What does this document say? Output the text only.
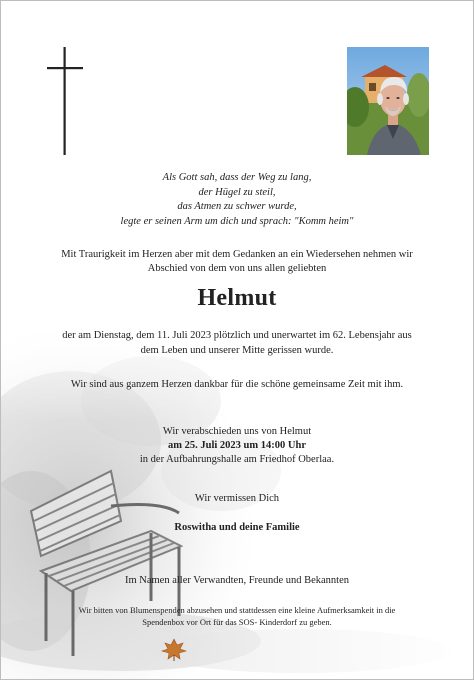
Als Gott sah, dass der Weg zu lang,
der Hügel zu steil,
das Atmen zu schwer wurde,
legte er seinen Arm um dich und sprach: "Komm heim"
Mit Traurigkeit im Herzen aber mit dem Gedanken an ein Wiedersehen nehmen wir
Abschied von dem von uns allen geliebten
Helmut
der am Dienstag, dem 11. Juli 2023 plötzlich und unerwartet im 62. Lebensjahr aus
dem Leben und unserer Mitte gerissen wurde.
Wir sind aus ganzem Herzen dankbar für die schöne gemeinsame Zeit mit ihm.
Wir verabschieden uns von Helmut
am 25. Juli 2023 um 14:00 Uhr
in der Aufbahrungshalle am Friedhof Oberlaa.
Wir vermissen Dich
Roswitha und deine Familie
Im Namen aller Verwandten, Freunde und Bekannten
Wir bitten von Blumenspenden abzusehen und stattdessen eine kleine Aufmerksamkeit in die
Spendenbox vor Ort für das SOS- Kinderdorf zu geben.
